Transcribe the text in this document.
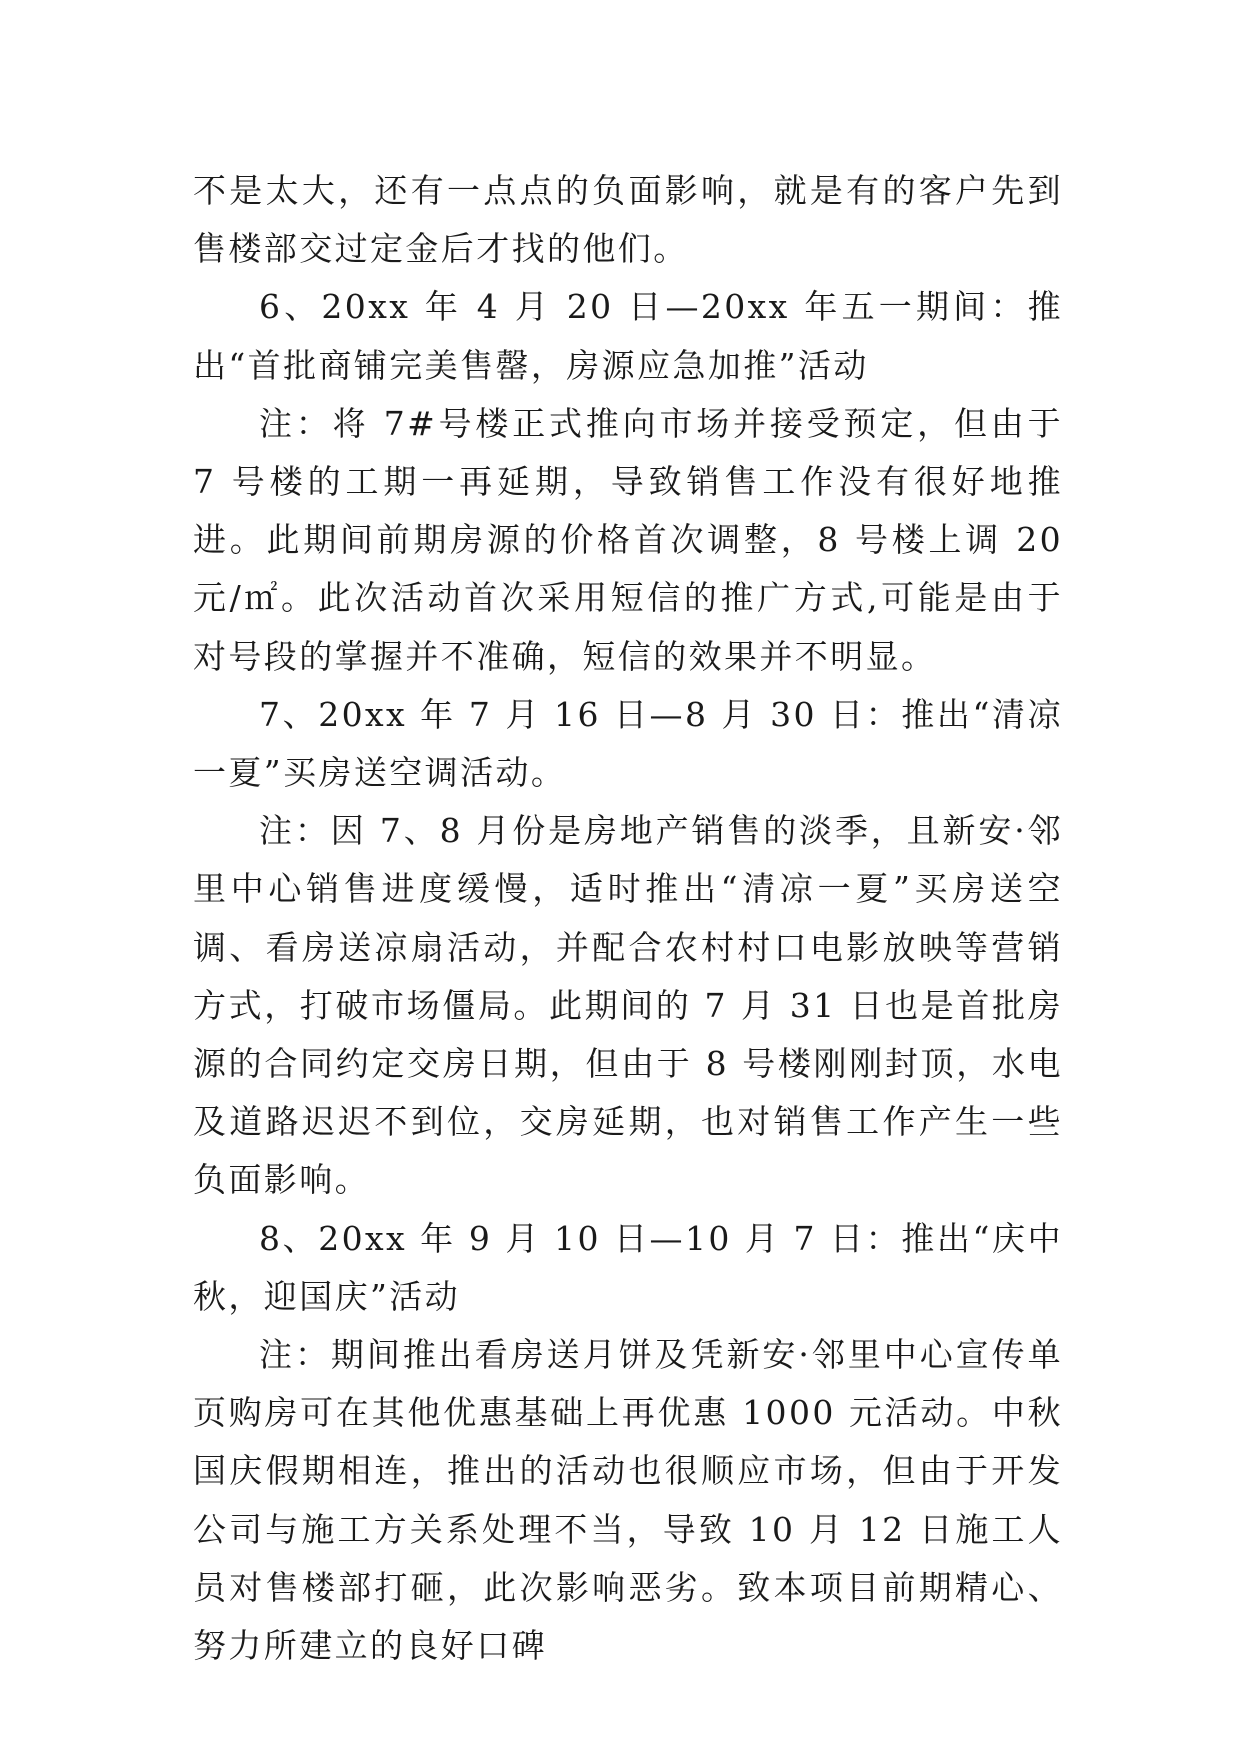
不是太大，还有一点点的负面影响，就是有的客户先到售楼部交过定金后才找的他们。

6、20xx 年 4 月 20 日—20xx 年五一期间：推出“首批商铺完美售罄，房源应急加推”活动

注：将 7#号楼正式推向市场并接受预定，但由于 7 号楼的工期一再延期，导致销售工作没有很好地推进。此期间前期房源的价格首次调整，8 号楼上调 20 元/㎡。此次活动首次采用短信的推广方式,可能是由于对号段的掌握并不准确，短信的效果并不明显。

7、20xx 年 7 月 16 日—8 月 30 日：推出“清凉一夏”买房送空调活动。

注：因 7、8 月份是房地产销售的淡季，且新安·邻里中心销售进度缓慢，适时推出“清凉一夏”买房送空调、看房送凉扇活动，并配合农村村口电影放映等营销方式，打破市场僵局。此期间的 7 月 31 日也是首批房源的合同约定交房日期，但由于 8 号楼刚刚封顶，水电及道路迟迟不到位，交房延期，也对销售工作产生一些负面影响。

8、20xx 年 9 月 10 日—10 月 7 日：推出“庆中秋，迎国庆”活动

注：期间推出看房送月饼及凭新安·邻里中心宣传单页购房可在其他优惠基础上再优惠 1000 元活动。中秋国庆假期相连，推出的活动也很顺应市场，但由于开发公司与施工方关系处理不当，导致 10 月 12 日施工人员对售楼部打砸，此次影响恶劣。致本项目前期精心、努力所建立的良好口碑
